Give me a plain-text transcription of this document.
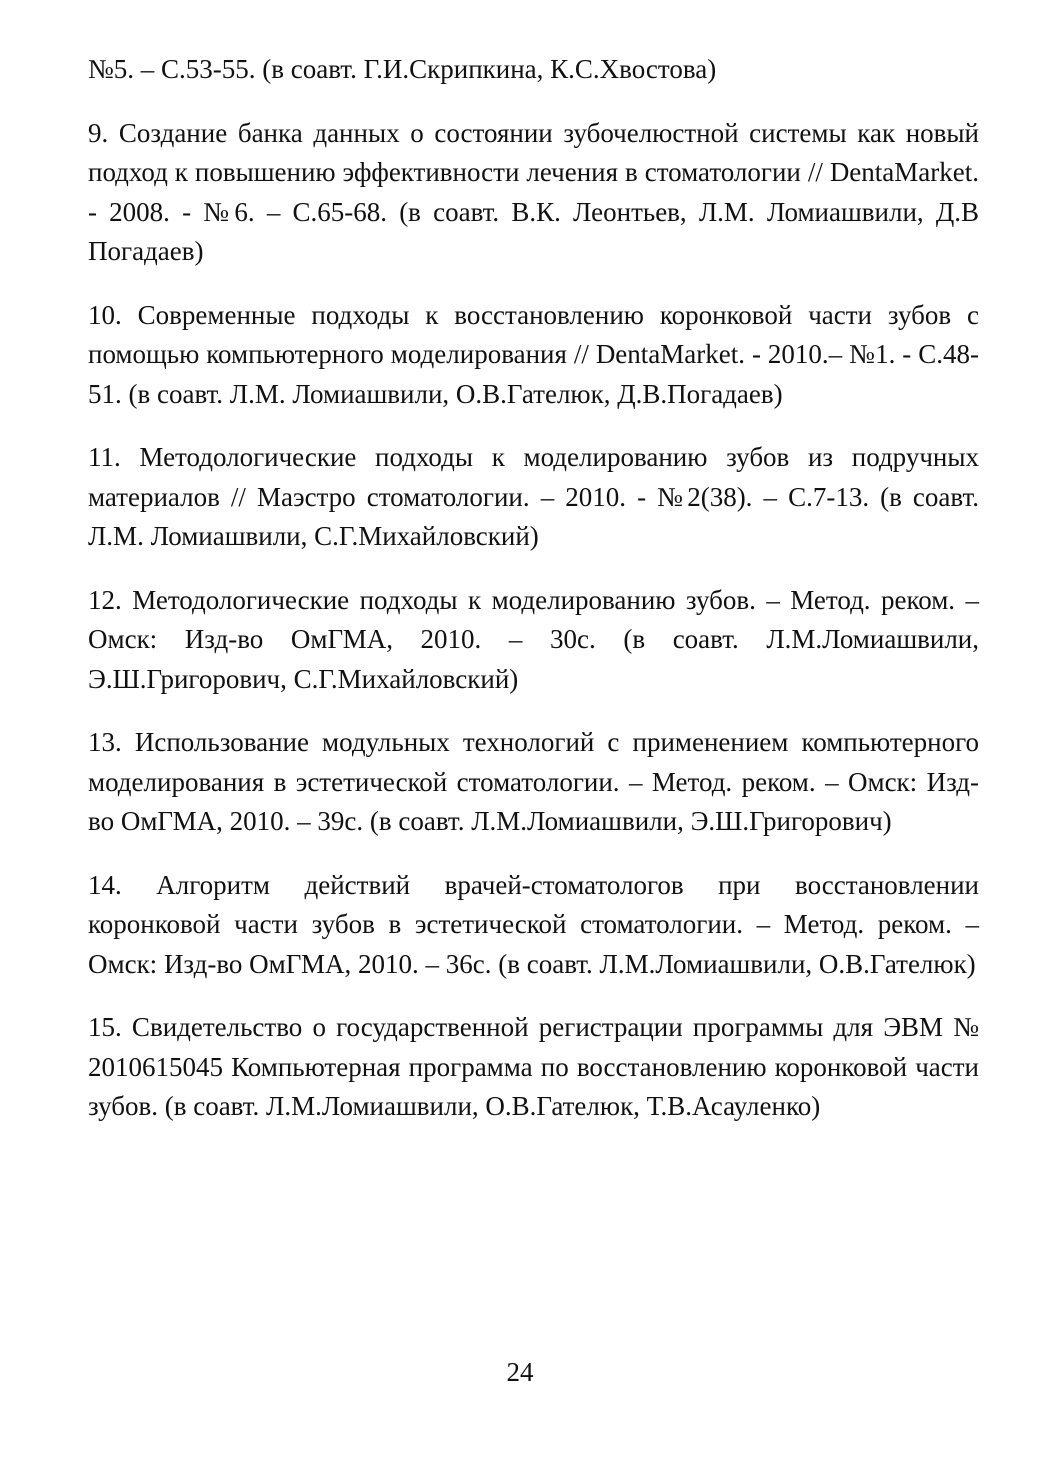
№5. – С.53-55. (в соавт. Г.И.Скрипкина, К.С.Хвостова)

9. Создание банка данных о состоянии зубочелюстной системы как новый подход к повышению эффективности лечения в стоматологии // DentaMarket. - 2008. - №6. – С.65-68. (в соавт. В.К. Леонтьев, Л.М. Ломиашвили, Д.В Погадаев)

10. Современные подходы к восстановлению коронковой части зубов с помощью компьютерного моделирования // DentaMarket. - 2010.– №1. - С.48-51. (в соавт. Л.М. Ломиашвили, О.В.Гателюк, Д.В.Погадаев)

11. Методологические подходы к моделированию зубов из подручных материалов // Маэстро стоматологии. – 2010. - №2(38). – С.7-13. (в соавт. Л.М. Ломиашвили, С.Г.Михайловский)

12. Методологические подходы к моделированию зубов. – Метод. реком. – Омск: Изд-во ОмГМА, 2010. – 30с. (в соавт. Л.М.Ломиашвили, Э.Ш.Григорович, С.Г.Михайловский)

13. Использование модульных технологий с применением компьютерного моделирования в эстетической стоматологии. – Метод. реком. – Омск: Изд-во ОмГМА, 2010. – 39с. (в соавт. Л.М.Ломиашвили, Э.Ш.Григорович)

14. Алгоритм действий врачей-стоматологов при восстановлении коронковой части зубов в эстетической стоматологии. – Метод. реком. – Омск: Изд-во ОмГМА, 2010. – 36с. (в соавт. Л.М.Ломиашвили, О.В.Гателюк)

15. Свидетельство о государственной регистрации программы для ЭВМ № 2010615045 Компьютерная программа по восстановлению коронковой части зубов. (в соавт. Л.М.Ломиашвили, О.В.Гателюк, Т.В.Асауленко)

24
